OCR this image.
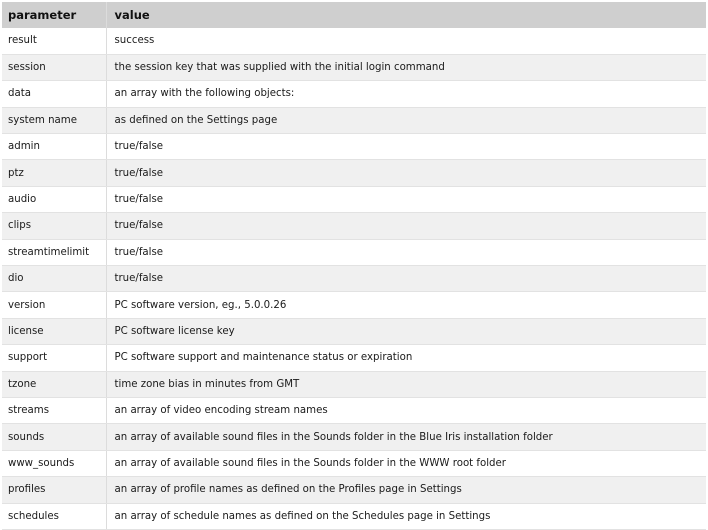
parameter	value
result	success
session	the session key that was supplied with the initial login command
data	an array with the following objects:
system name	as defined on the Settings page
admin	true/false
ptz	true/false
audio	true/false
clips	true/false
streamtimelimit	true/false
dio	true/false
version	PC software version, eg., 5.0.0.26
license	PC software license key
support	PC software support and maintenance status or expiration
tzone	time zone bias in minutes from GMT
streams	an array of video encoding stream names
sounds	an array of available sound files in the Sounds folder in the Blue Iris installation folder
www_sounds	an array of available sound files in the Sounds folder in the WWW root folder
profiles	an array of profile names as defined on the Profiles page in Settings
schedules	an array of schedule names as defined on the Schedules page in Settings
